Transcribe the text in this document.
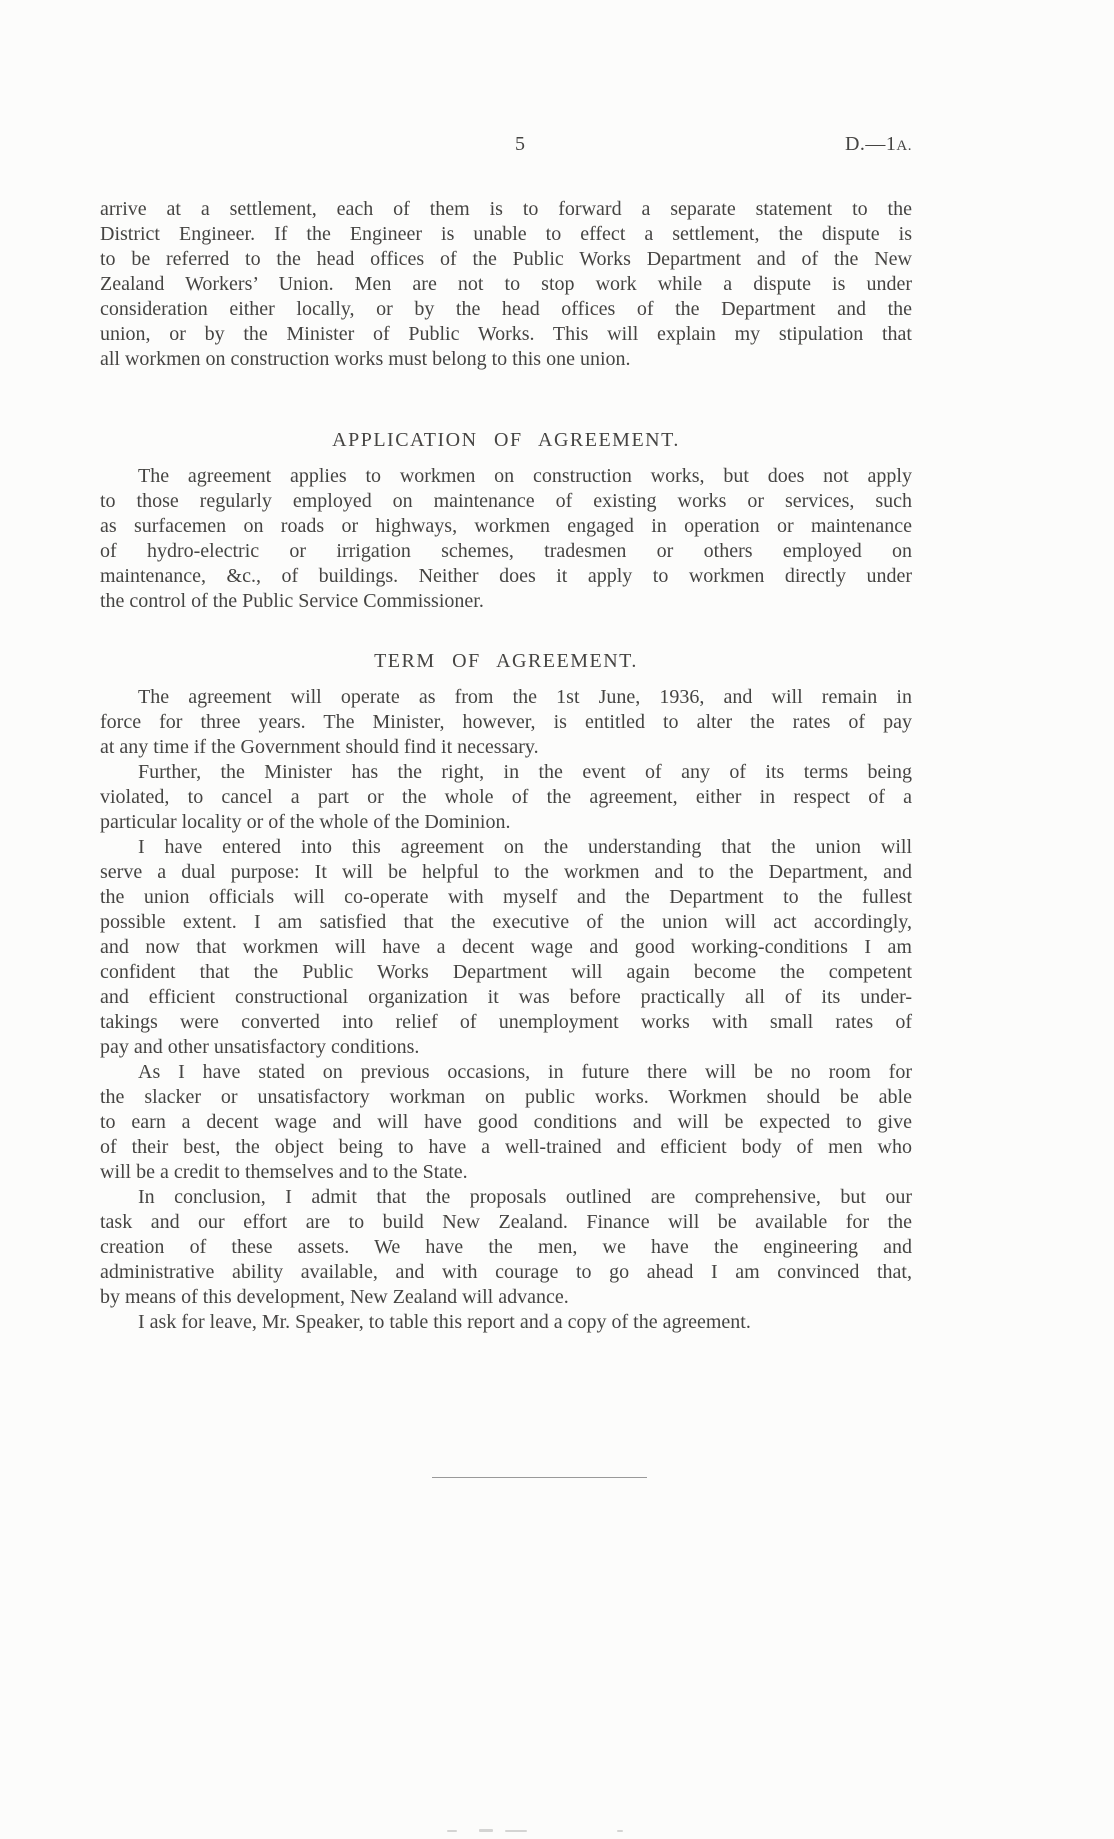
5	D.—1A.
arrive at a settlement, each of them is to forward a separate statement to the
District Engineer. If the Engineer is unable to effect a settlement, the dispute is
to be referred to the head offices of the Public Works Department and of the New
Zealand Workers’ Union. Men are not to stop work while a dispute is under
consideration either locally, or by the head offices of the Department and the
union, or by the Minister of Public Works. This will explain my stipulation that
all workmen on construction works must belong to this one union.
APPLICATION OF AGREEMENT.
The agreement applies to workmen on construction works, but does not apply
to those regularly employed on maintenance of existing works or services, such
as surfacemen on roads or highways, workmen engaged in operation or maintenance
of hydro-electric or irrigation schemes, tradesmen or others employed on
maintenance, &c., of buildings. Neither does it apply to workmen directly under
the control of the Public Service Commissioner.
TERM OF AGREEMENT.
The agreement will operate as from the 1st June, 1936, and will remain in
force for three years. The Minister, however, is entitled to alter the rates of pay
at any time if the Government should find it necessary.
Further, the Minister has the right, in the event of any of its terms being
violated, to cancel a part or the whole of the agreement, either in respect of a
particular locality or of the whole of the Dominion.
I have entered into this agreement on the understanding that the union will
serve a dual purpose: It will be helpful to the workmen and to the Department, and
the union officials will co-operate with myself and the Department to the fullest
possible extent. I am satisfied that the executive of the union will act accordingly,
and now that workmen will have a decent wage and good working-conditions I am
confident that the Public Works Department will again become the competent
and efficient constructional organization it was before practically all of its under-
takings were converted into relief of unemployment works with small rates of
pay and other unsatisfactory conditions.
As I have stated on previous occasions, in future there will be no room for
the slacker or unsatisfactory workman on public works. Workmen should be able
to earn a decent wage and will have good conditions and will be expected to give
of their best, the object being to have a well-trained and efficient body of men who
will be a credit to themselves and to the State.
In conclusion, I admit that the proposals outlined are comprehensive, but our
task and our effort are to build New Zealand. Finance will be available for the
creation of these assets. We have the men, we have the engineering and
administrative ability available, and with courage to go ahead I am convinced that,
by means of this development, New Zealand will advance.
I ask for leave, Mr. Speaker, to table this report and a copy of the agreement.
